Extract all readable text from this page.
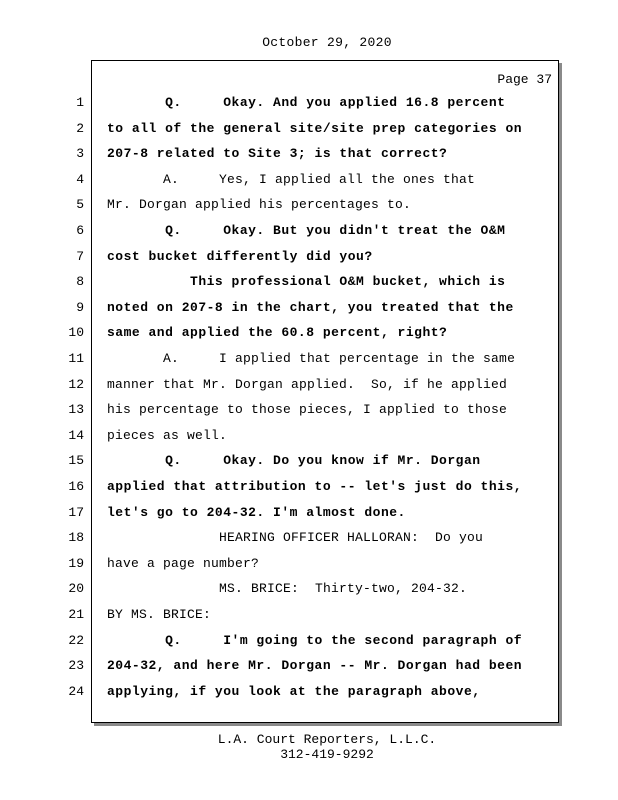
October 29, 2020
Page 37
1 Q.     Okay. And you applied 16.8 percent
2 to all of the general site/site prep categories on
3 207-8 related to Site 3; is that correct?
4 A.     Yes, I applied all the ones that
5 Mr. Dorgan applied his percentages to.
6 Q.     Okay. But you didn't treat the O&M
7 cost bucket differently did you?
8 This professional O&M bucket, which is
9 noted on 207-8 in the chart, you treated that the
10 same and applied the 60.8 percent, right?
11 A.     I applied that percentage in the same
12 manner that Mr. Dorgan applied.  So, if he applied
13 his percentage to those pieces, I applied to those
14 pieces as well.
15 Q.     Okay. Do you know if Mr. Dorgan
16 applied that attribution to -- let's just do this,
17 let's go to 204-32. I'm almost done.
18 HEARING OFFICER HALLORAN:  Do you
19 have a page number?
20 MS. BRICE:  Thirty-two, 204-32.
21 BY MS. BRICE:
22 Q.     I'm going to the second paragraph of
23 204-32, and here Mr. Dorgan -- Mr. Dorgan had been
24 applying, if you look at the paragraph above,
L.A. Court Reporters, L.L.C.
312-419-9292
